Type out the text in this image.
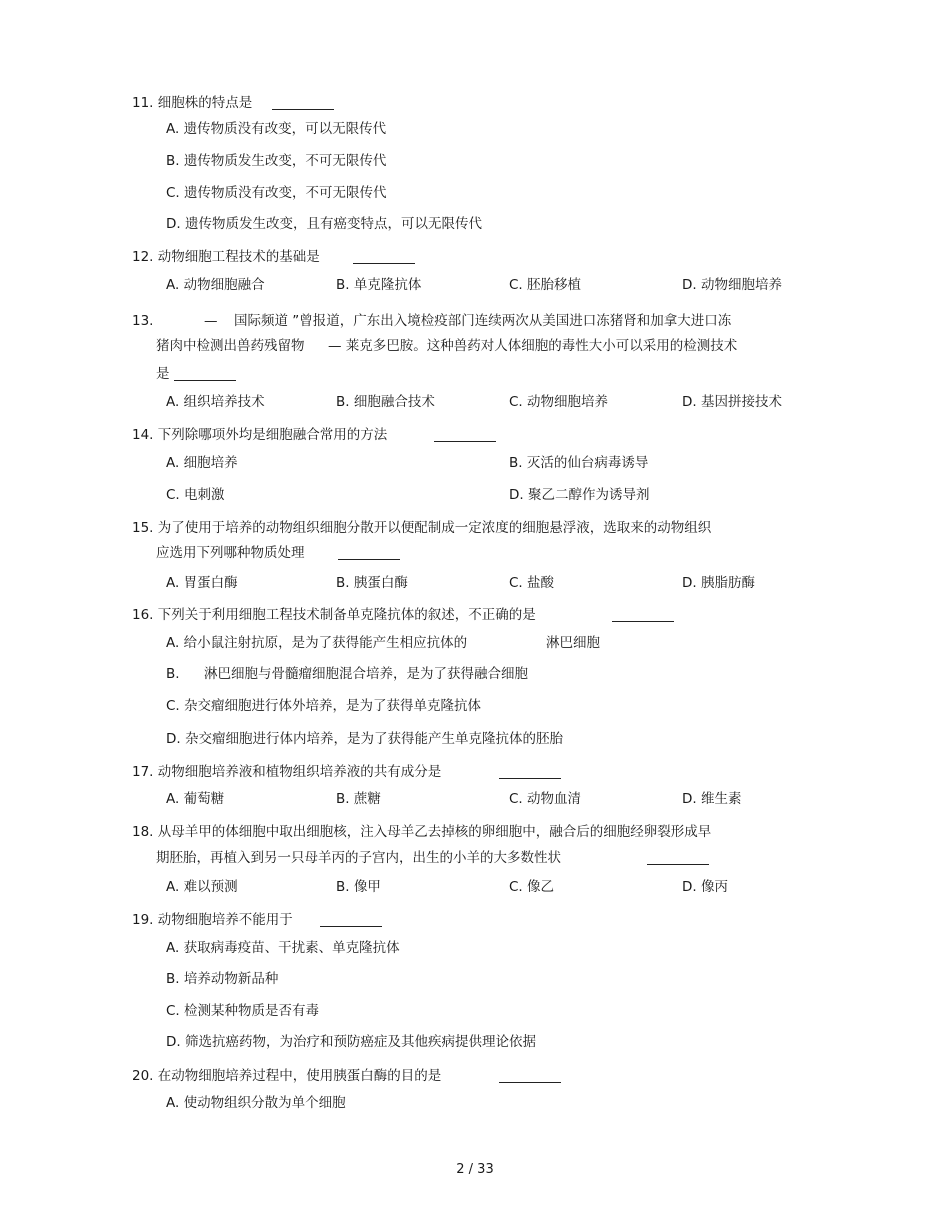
11. 细胞株的特点是
A. 遗传物质没有改变，可以无限传代
B. 遗传物质发生改变，不可无限传代
C. 遗传物质没有改变，不可无限传代
D. 遗传物质发生改变，且有癌变特点，可以无限传代
12. 动物细胞工程技术的基础是
A. 动物细胞融合	B. 单克隆抗体	C. 胚胎移植	D. 动物细胞培养
13.	— 国际频道 ”曾报道，广东出入境检疫部门连续两次从美国进口冻猪肾和加拿大进口冻
猪肉中检测出兽药残留物 — 莱克多巴胺。这种兽药对人体细胞的毒性大小可以采用的检测技术
是
A. 组织培养技术	B. 细胞融合技术	C. 动物细胞培养	D. 基因拼接技术
14. 下列除哪项外均是细胞融合常用的方法
A. 细胞培养	B. 灭活的仙台病毒诱导
C. 电刺激	D. 聚乙二醇作为诱导剂
15. 为了使用于培养的动物组织细胞分散开以便配制成一定浓度的细胞悬浮液，选取来的动物组织
应选用下列哪种物质处理
A. 胃蛋白酶	B. 胰蛋白酶	C. 盐酸	D. 胰脂肪酶
16. 下列关于利用细胞工程技术制备单克隆抗体的叙述，不正确的是
A. 给小鼠注射抗原，是为了获得能产生相应抗体的	淋巴细胞
B. 淋巴细胞与骨髓瘤细胞混合培养，是为了获得融合细胞
C. 杂交瘤细胞进行体外培养，是为了获得单克隆抗体
D. 杂交瘤细胞进行体内培养，是为了获得能产生单克隆抗体的胚胎
17. 动物细胞培养液和植物组织培养液的共有成分是
A. 葡萄糖	B. 蔗糖	C. 动物血清	D. 维生素
18. 从母羊甲的体细胞中取出细胞核，注入母羊乙去掉核的卵细胞中，融合后的细胞经卵裂形成早
期胚胎，再植入到另一只母羊丙的子宫内，出生的小羊的大多数性状
A. 难以预测	B. 像甲	C. 像乙	D. 像丙
19. 动物细胞培养不能用于
A. 获取病毒疫苗、干扰素、单克隆抗体
B. 培养动物新品种
C. 检测某种物质是否有毒
D. 筛选抗癌药物，为治疗和预防癌症及其他疾病提供理论依据
20. 在动物细胞培养过程中，使用胰蛋白酶的目的是
A. 使动物组织分散为单个细胞
2 / 33
